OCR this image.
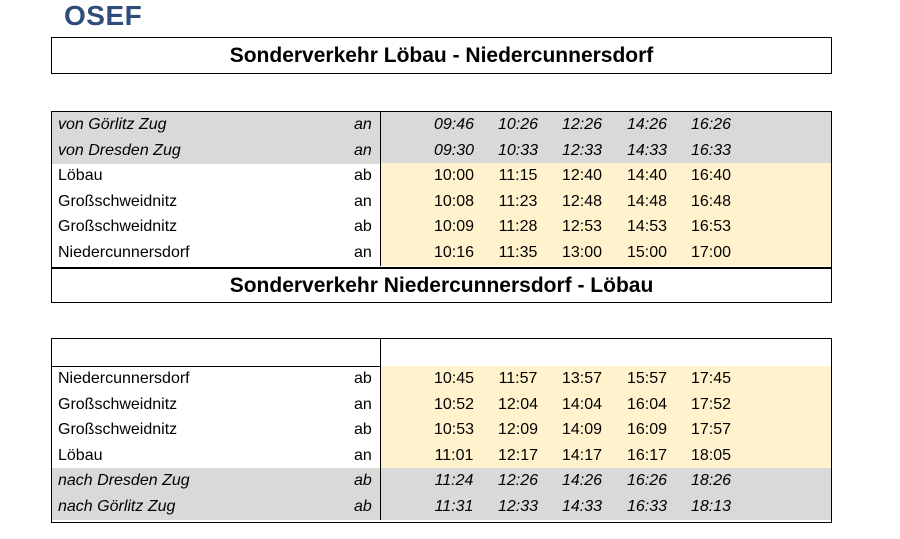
OSEF
Sonderverkehr Löbau - Niedercunnersdorf
von Görlitz Zug	an	09:46	10:26	12:26	14:26	16:26
von Dresden Zug	an	09:30	10:33	12:33	14:33	16:33
Löbau	ab	10:00	11:15	12:40	14:40	16:40
Großschweidnitz	an	10:08	11:23	12:48	14:48	16:48
Großschweidnitz	ab	10:09	11:28	12:53	14:53	16:53
Niedercunnersdorf	an	10:16	11:35	13:00	15:00	17:00
Sonderverkehr Niedercunnersdorf - Löbau
Niedercunnersdorf	ab	10:45	11:57	13:57	15:57	17:45
Großschweidnitz	an	10:52	12:04	14:04	16:04	17:52
Großschweidnitz	ab	10:53	12:09	14:09	16:09	17:57
Löbau	an	11:01	12:17	14:17	16:17	18:05
nach Dresden Zug	ab	11:24	12:26	14:26	16:26	18:26
nach Görlitz Zug	ab	11:31	12:33	14:33	16:33	18:13
